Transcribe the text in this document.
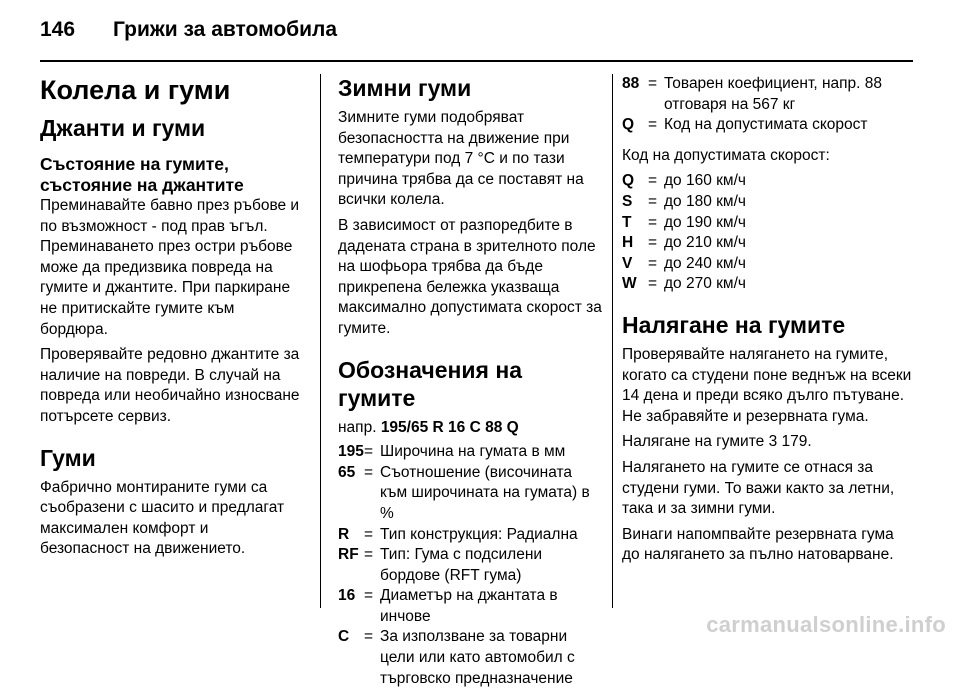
146 Грижи за автомобила
Колела и гуми
Джанти и гуми
Състояние на гумите, състояние на джантите

Преминавайте бавно през ръбове и по възможност - под прав ъгъл. Преминаването през остри ръбове може да предизвика повреда на гумите и джантите. При паркиране не притискайте гумите към бордюра.

Проверявайте редовно джантите за наличие на повреди. В случай на повреда или необичайно износване потърсете сервиз.

Гуми

Фабрично монтираните гуми са съобразени с шасито и предлагат максимален комфорт и безопасност на движението.

Зимни гуми

Зимните гуми подобряват безопасността на движение при температури под 7 °C и по тази причина трябва да се поставят на всички колела.

В зависимост от разпоредбите в дадената страна в зрителното поле на шофьора трябва да бъде прикрепена бележка указваща максимално допустимата скорост за гумите.

Обозначения на гумите

напр. 195/65 R 16 C 88 Q

195 = Широчина на гумата в мм
65 = Съотношение (височината към широчината на гумата) в %
R = Тип конструкция: Радиална
RF = Тип: Гума с подсилени бордове (RFT гума)
16 = Диаметър на джантата в инчове
C = За използване за товарни цели или като автомобил с търговско предназначение
88 = Товарен коефициент, напр. 88 отговаря на 567 кг
Q = Код на допустимата скорост

Код на допустимата скорост:

Q = до 160 км/ч
S	= до 180 км/ч
T	= до 190 км/ч
H = до 210 км/ч
V	= до 240 км/ч
W = до 270 км/ч
Налягане на гумите

Проверявайте налягането на гумите, когато са студени поне веднъж на всеки 14 дена и преди всяко дълго пътуване. Не забравяйте и резервната гума.

Налягане на гумите 3 179.

Налягането на гумите се отнася за студени гуми. То важи както за летни, така и за зимни гуми.

Винаги напомпвайте резервната гума до налягането за пълно натоварване.

carmanualsonline.info
